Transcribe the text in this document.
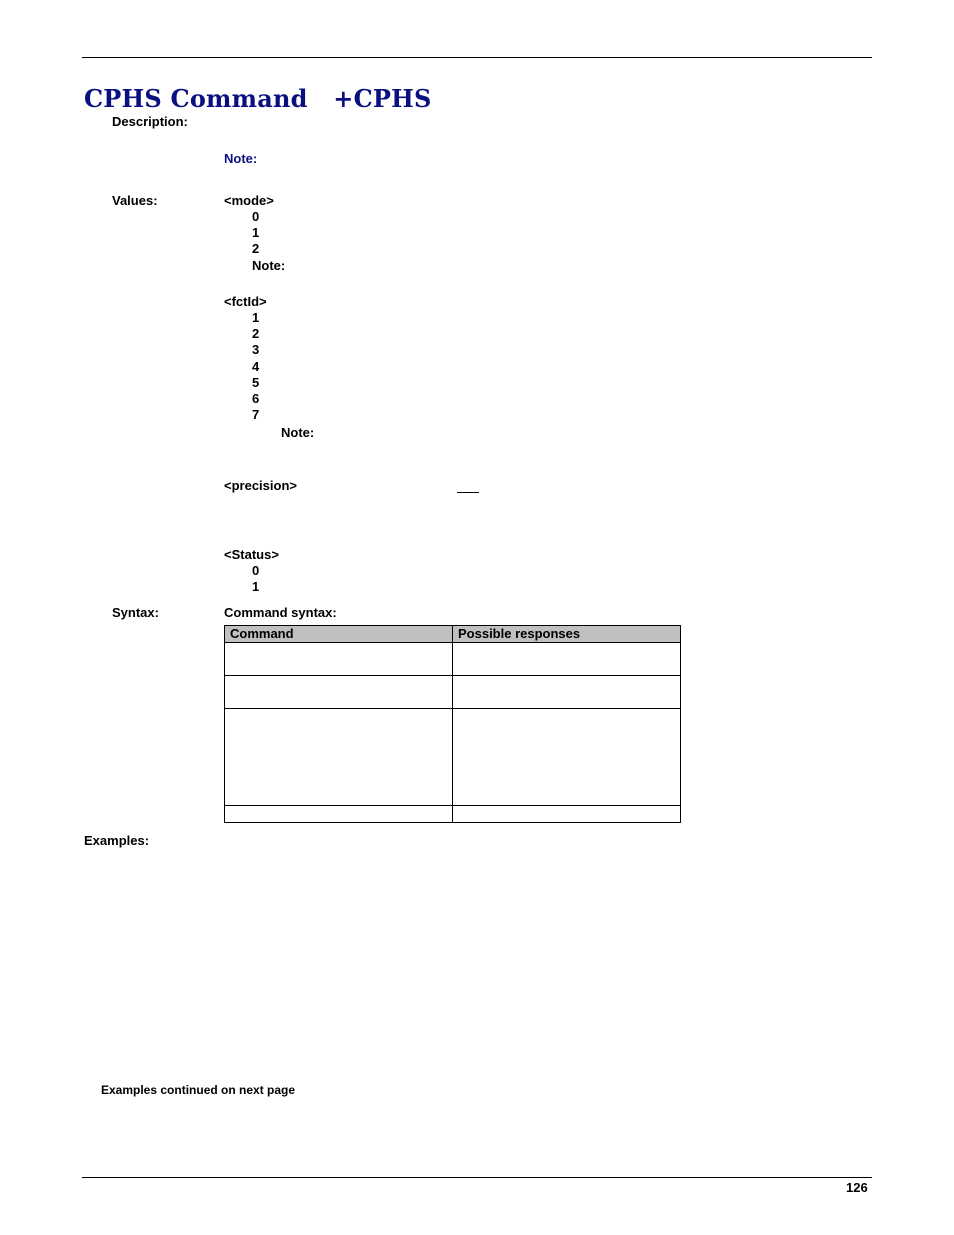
CPHS Command +CPHS
Description:
Note:
Values:	<mode>
0
1
2
Note:
<fctId>
1
2
3
4
5
6
7
Note:
<precision>
<Status>
0
1
Syntax:	Command syntax:
Command	Possible responses

Examples:
Examples continued on next page
126
